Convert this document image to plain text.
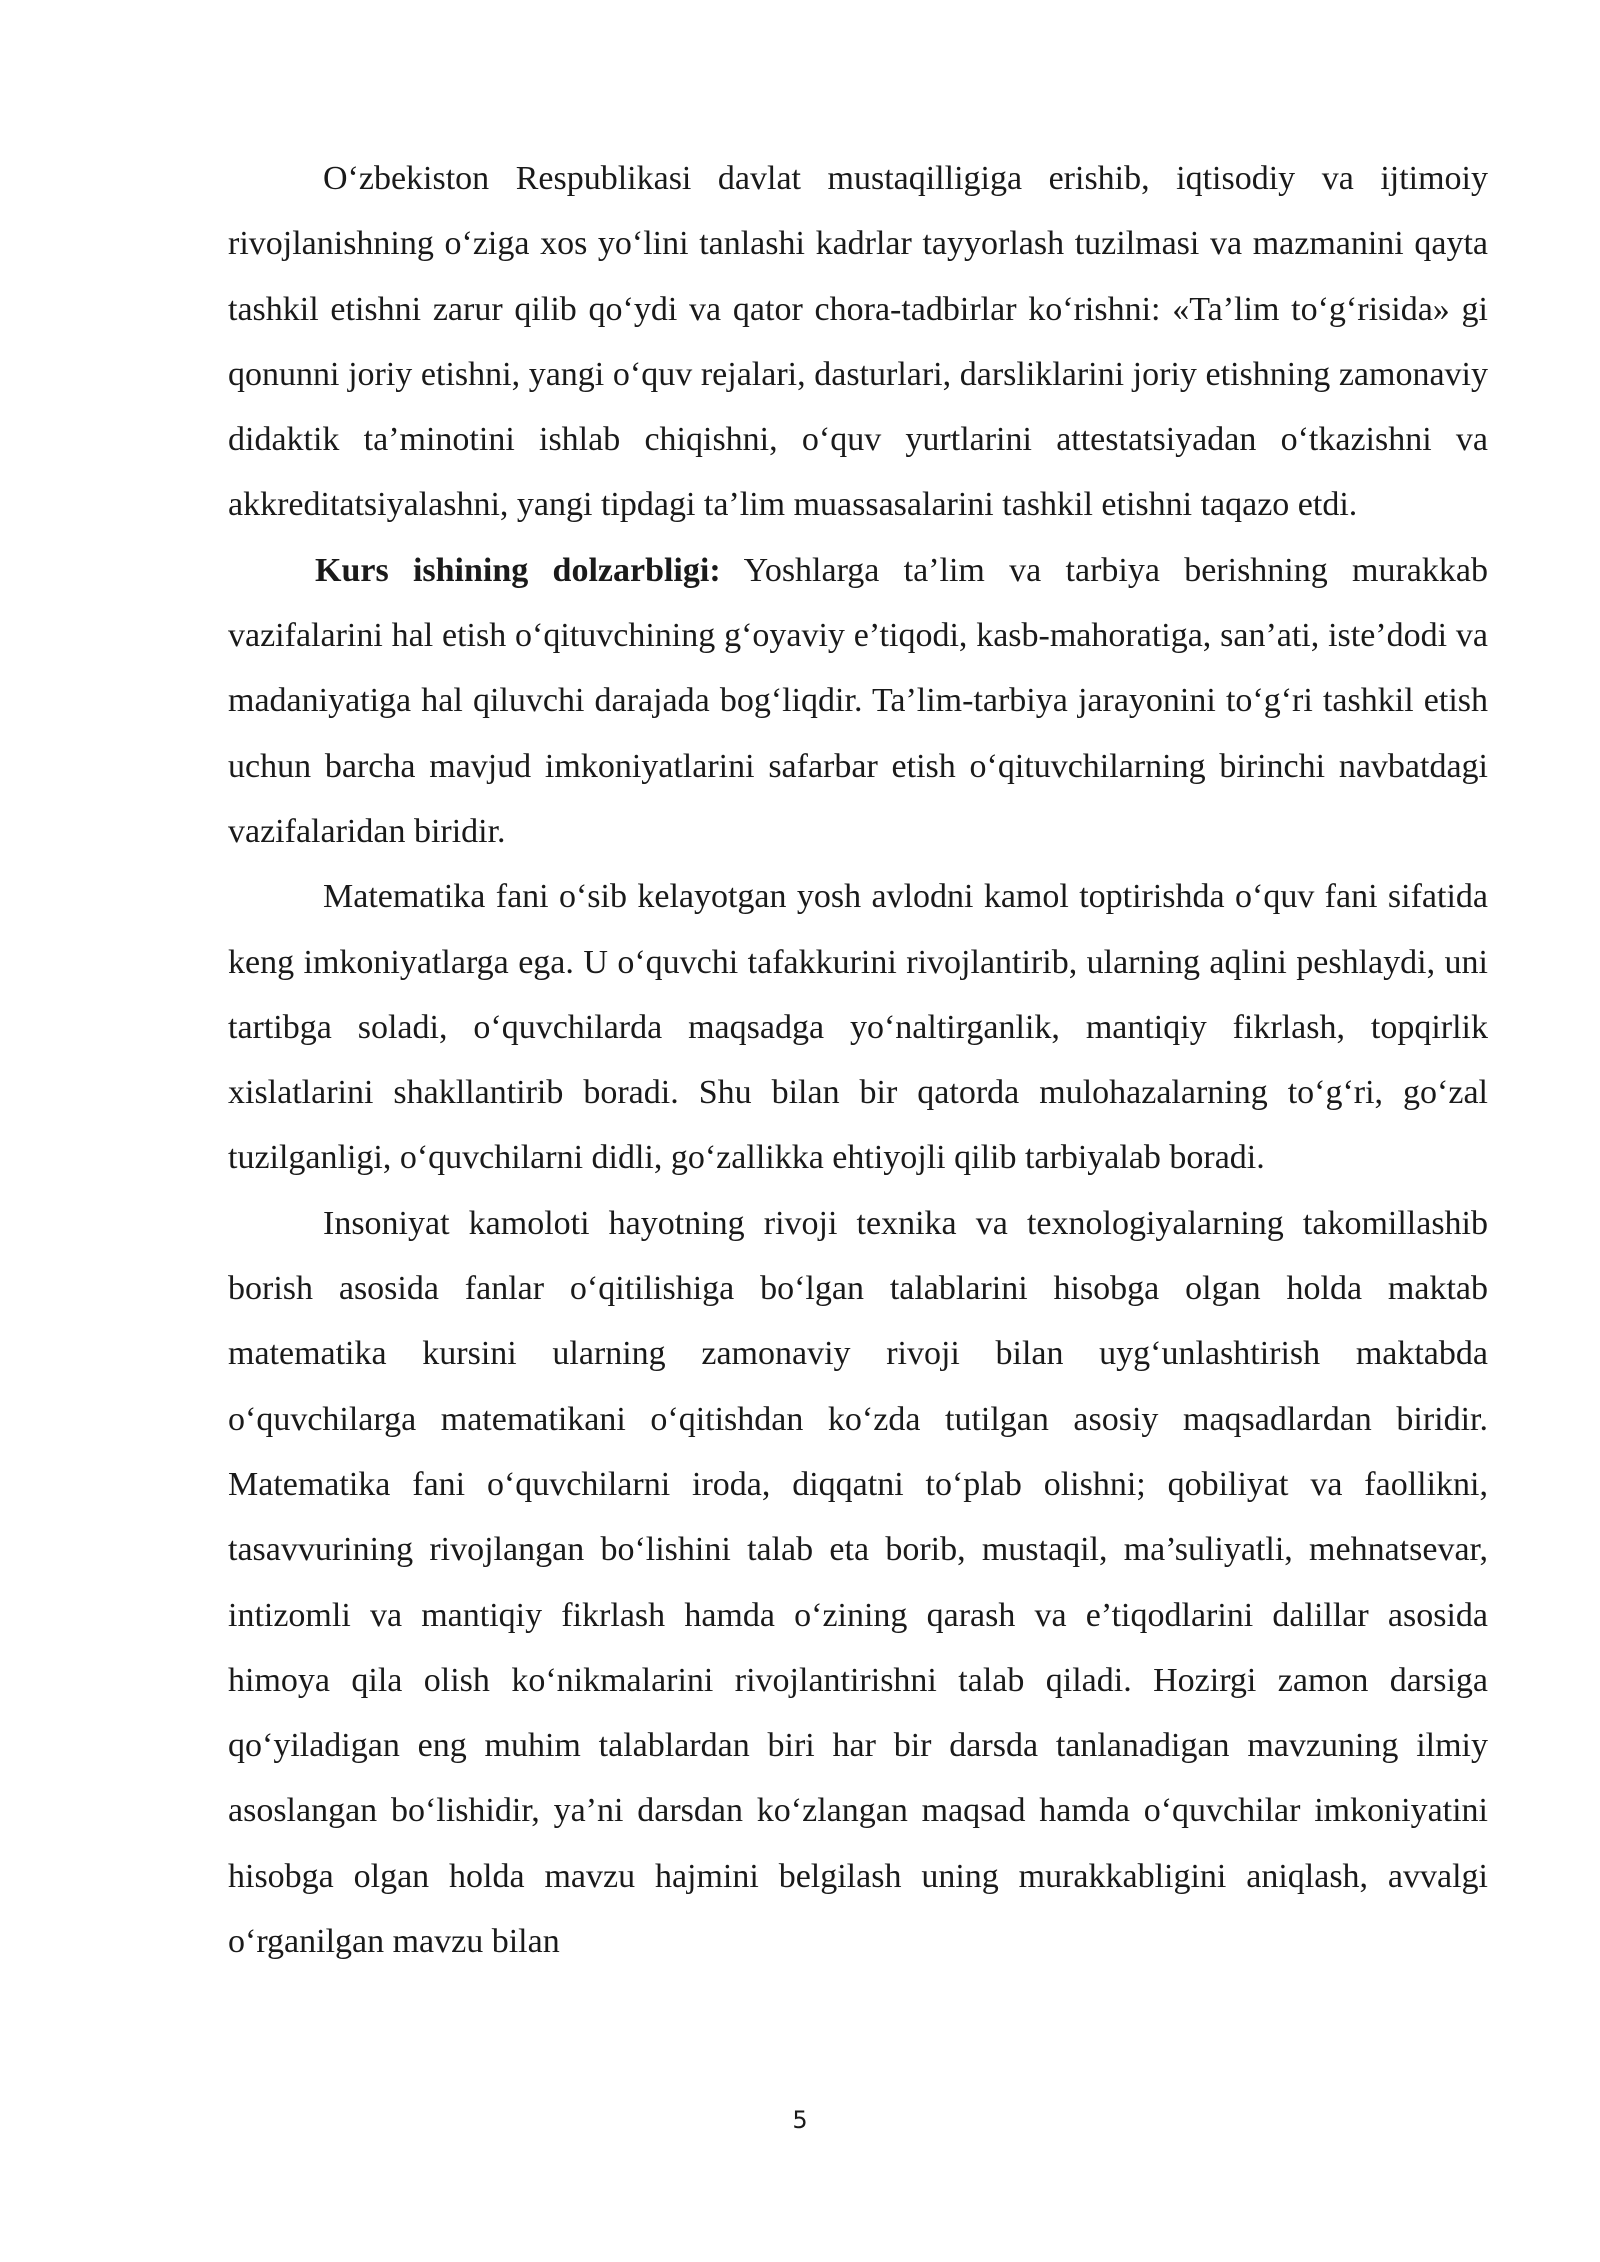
O‘zbekiston Respublikasi davlat mustaqilligiga erishib, iqtisodiy va ijtimoiy rivojlanishning o‘ziga xos yo‘lini tanlashi kadrlar tayyorlash tuzilmasi va mazmanini qayta tashkil etishni zarur qilib qo‘ydi va qator chora-tadbirlar ko‘rishni: «Ta’lim to‘g‘risida» gi qonunni joriy etishni, yangi o‘quv rejalari, dasturlari, darsliklarini joriy etishning zamonaviy didaktik ta’minotini ishlab chiqishni, o‘quv yurtlarini attestatsiyadan o‘tkazishni va akkreditatsiyalashni, yangi tipdagi ta’lim muassasalarini tashkil etishni taqazo etdi.

Kurs ishining dolzarbligi: Yoshlarga ta’lim va tarbiya berishning murakkab vazifalarini hal etish o‘qituvchining g‘oyaviy e’tiqodi, kasb-mahoratiga, san’ati, iste’dodi va madaniyatiga hal qiluvchi darajada bog‘liqdir. Ta’lim-tarbiya jarayonini to‘g‘ri tashkil etish uchun barcha mavjud imkoniyatlarini safarbar etish o‘qituvchilarning birinchi navbatdagi vazifalaridan biridir.

Matematika fani o‘sib kelayotgan yosh avlodni kamol toptirishda o‘quv fani sifatida keng imkoniyatlarga ega. U o‘quvchi tafakkurini rivojlantirib, ularning aqlini peshlaydi, uni tartibga soladi, o‘quvchilarda maqsadga yo‘naltirganlik, mantiqiy fikrlash, topqirlik xislatlarini shakllantirib boradi. Shu bilan bir qatorda mulohazalarning to‘g‘ri, go‘zal tuzilganligi, o‘quvchilarni didli, go‘zallikka ehtiyojli qilib tarbiyalab boradi.

Insoniyat kamoloti hayotning rivoji texnika va texnologiyalarning takomillashib borish asosida fanlar o‘qitilishiga bo‘lgan talablarini hisobga olgan holda maktab matematika kursini ularning zamonaviy rivoji bilan uyg‘unlashtirish maktabda o‘quvchilarga matematikani o‘qitishdan ko‘zda tutilgan asosiy maqsadlardan biridir. Matematika fani o‘quvchilarni iroda, diqqatni to‘plab olishni; qobiliyat va faollikni, tasavvurining rivojlangan bo‘lishini talab eta borib, mustaqil, ma’suliyatli, mehnatsevar, intizomli va mantiqiy fikrlash hamda o‘zining qarash va e’tiqodlarini dalillar asosida himoya qila olish ko‘nikmalarini rivojlantirishni talab qiladi. Hozirgi zamon darsiga qo‘yiladigan eng muhim talablardan biri har bir darsda tanlanadigan mavzuning ilmiy asoslangan bo‘lishidir, ya’ni darsdan ko‘zlangan maqsad hamda o‘quvchilar imkoniyatini hisobga olgan holda mavzu hajmini belgilash uning murakkabligini aniqlash, avvalgi o‘rganilgan mavzu bilan

5
